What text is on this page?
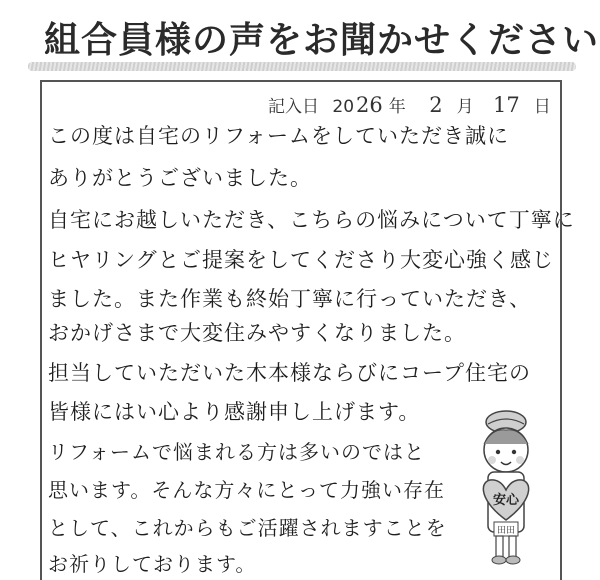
組合員様の声をお聞かせください
記入日 2026 年 2 月 17 日
この度は自宅のリフォームをしていただき誠に
ありがとうございました。
自宅にお越しいただき、こちらの悩みについて丁寧に
ヒヤリングとご提案をしてくださり大変心強く感じ
ました。また作業も終始丁寧に行っていただき、
おかげさまで大変住みやすくなりました。
担当していただいた木本様ならびにコープ住宅の
皆様にはい心より感謝申し上げます。
リフォームで悩まれる方は多いのではと
思います。そんな方々にとって力強い存在
として、これからもご活躍されますことを
お祈りしております。
安心
田田
